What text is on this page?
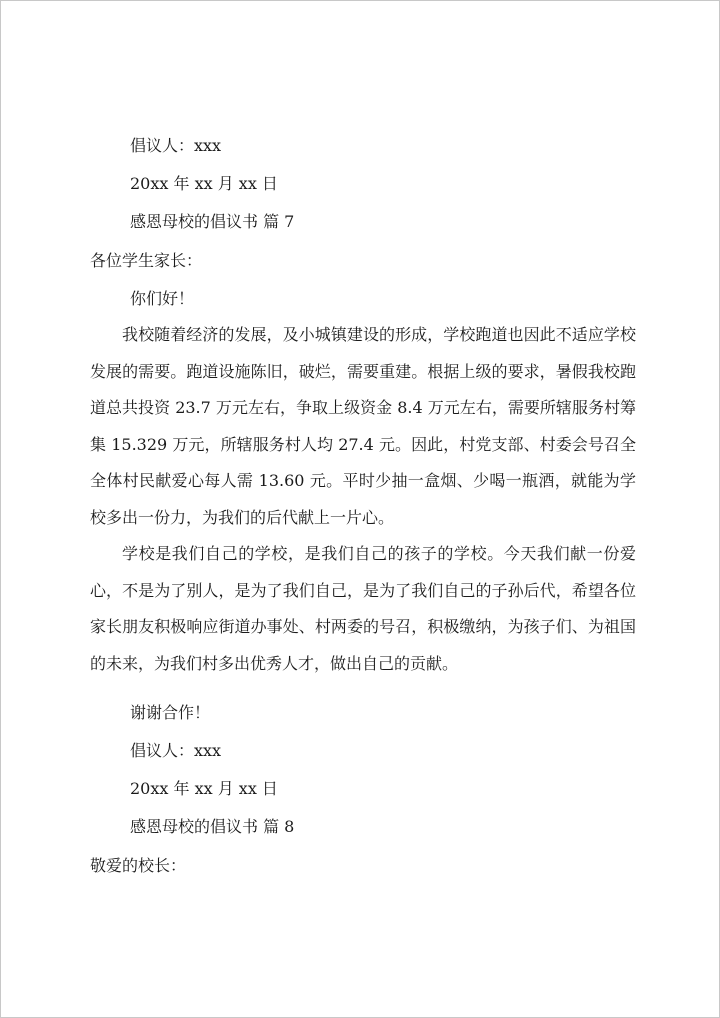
倡议人：xxx
20xx 年 xx 月 xx 日
感恩母校的倡议书 篇 7
各位学生家长：
你们好！

我校随着经济的发展，及小城镇建设的形成，学校跑道也因此不适应学校发展的需要。跑道设施陈旧，破烂，需要重建。根据上级的要求，暑假我校跑道总共投资 23.7 万元左右，争取上级资金 8.4 万元左右，需要所辖服务村筹集 15.329 万元，所辖服务村人均 27.4 元。因此，村党支部、村委会号召全全体村民献爱心每人需 13.60 元。平时少抽一盒烟、少喝一瓶酒，就能为学校多出一份力，为我们的后代献上一片心。

学校是我们自己的学校，是我们自己的孩子的学校。今天我们献一份爱心，不是为了别人，是为了我们自己，是为了我们自己的子孙后代，希望各位家长朋友积极响应街道办事处、村两委的号召，积极缴纳，为孩子们、为祖国的未来，为我们村多出优秀人才，做出自己的贡献。

谢谢合作！
倡议人：xxx
20xx 年 xx 月 xx 日
感恩母校的倡议书 篇 8
敬爱的校长：
